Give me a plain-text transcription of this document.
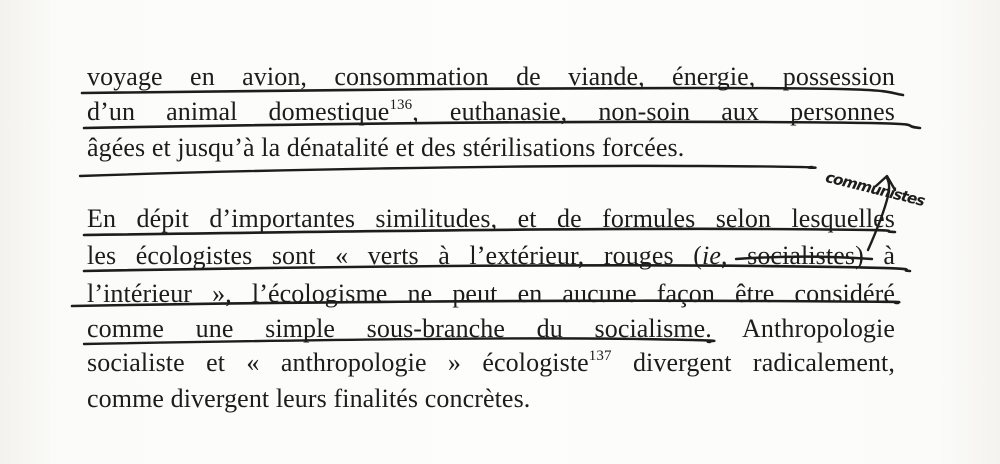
voyage en avion, consommation de viande, énergie, possession
d’un animal domestique$^{136}$, euthanasie, non-soin aux personnes
âgées et jusqu’à la dénatalité et des stérilisations forcées.
En dépit d’importantes similitudes, et de formules selon lesquelles
les écologistes sont « verts à l’extérieur, rouges (ie, socialistes) à
l’intérieur », l’écologisme ne peut en aucune façon être considéré
comme une simple sous-branche du socialisme. Anthropologie
socialiste et « anthropologie » écologiste$^{137}$ divergent radicalement,
comme divergent leurs finalités concrètes.
communistes
